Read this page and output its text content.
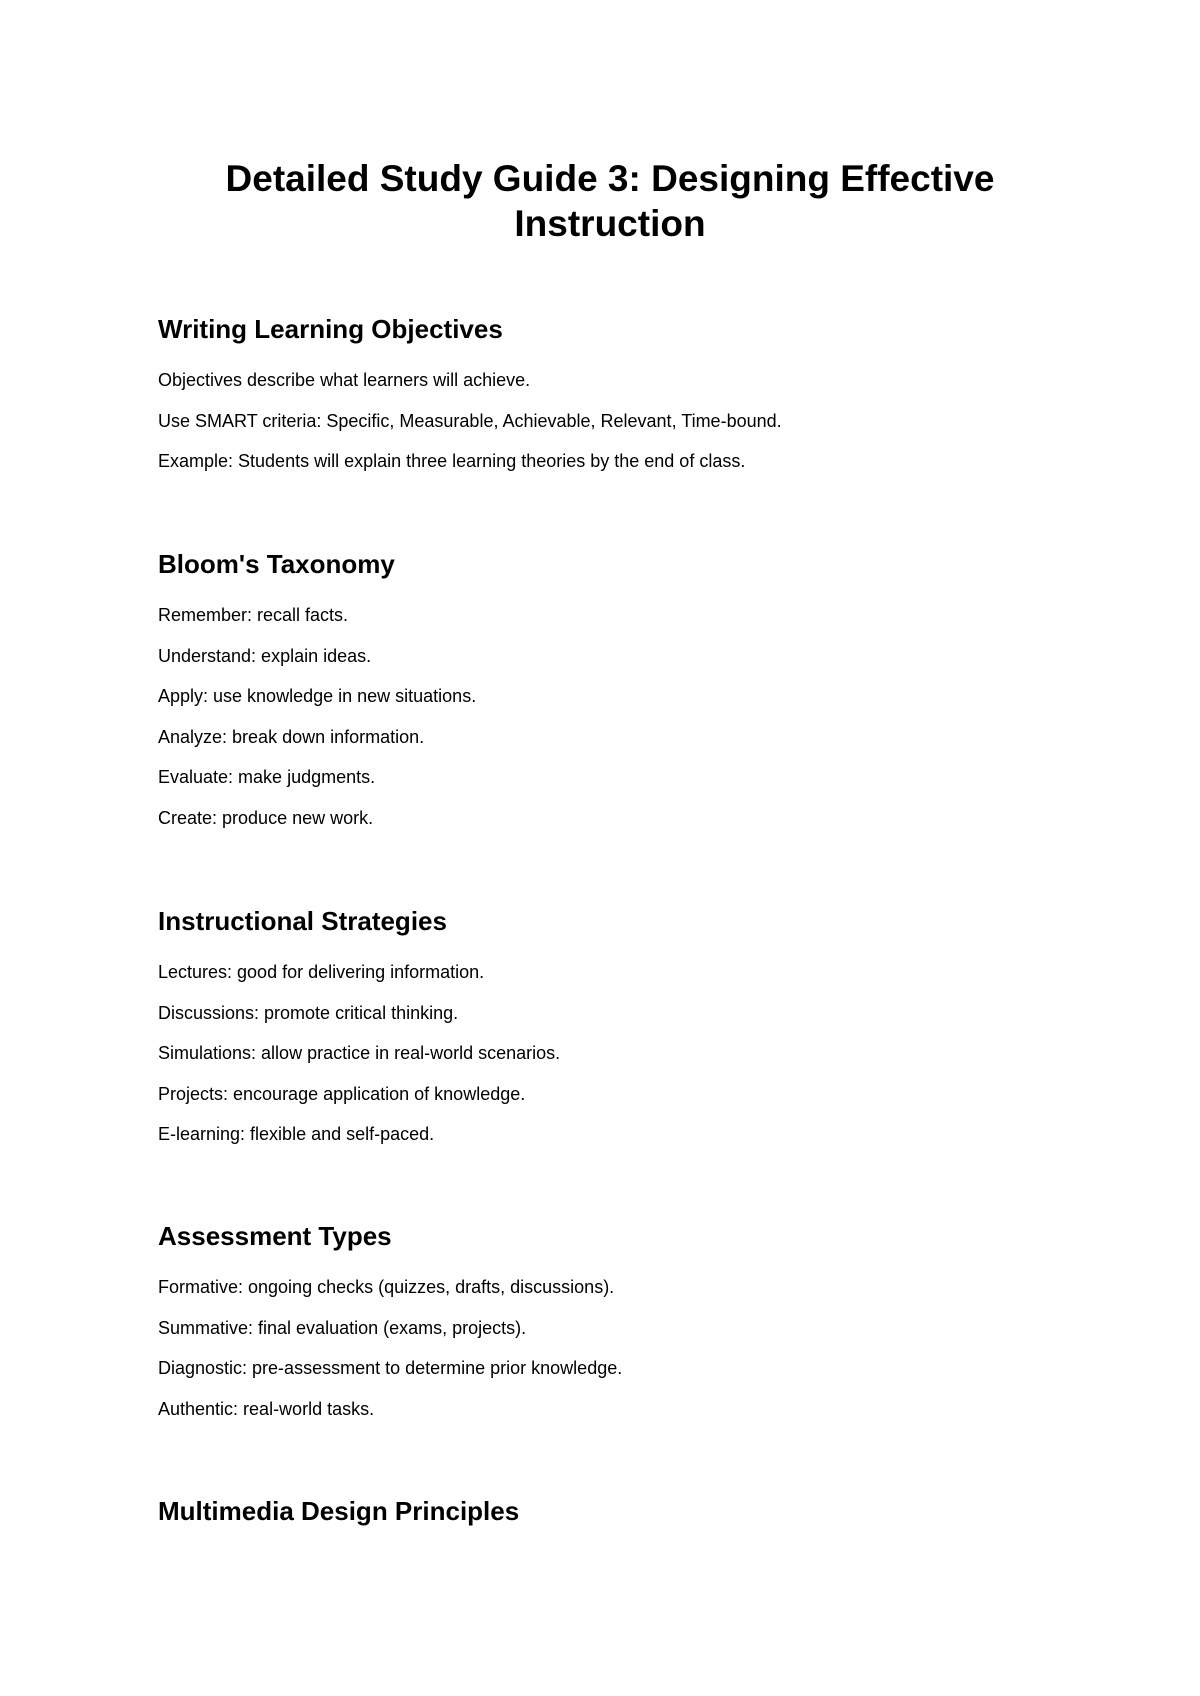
Detailed Study Guide 3: Designing Effective Instruction
Writing Learning Objectives
Objectives describe what learners will achieve.
Use SMART criteria: Specific, Measurable, Achievable, Relevant, Time-bound.
Example: Students will explain three learning theories by the end of class.
Bloom's Taxonomy
Remember: recall facts.
Understand: explain ideas.
Apply: use knowledge in new situations.
Analyze: break down information.
Evaluate: make judgments.
Create: produce new work.
Instructional Strategies
Lectures: good for delivering information.
Discussions: promote critical thinking.
Simulations: allow practice in real-world scenarios.
Projects: encourage application of knowledge.
E-learning: flexible and self-paced.
Assessment Types
Formative: ongoing checks (quizzes, drafts, discussions).
Summative: final evaluation (exams, projects).
Diagnostic: pre-assessment to determine prior knowledge.
Authentic: real-world tasks.
Multimedia Design Principles
